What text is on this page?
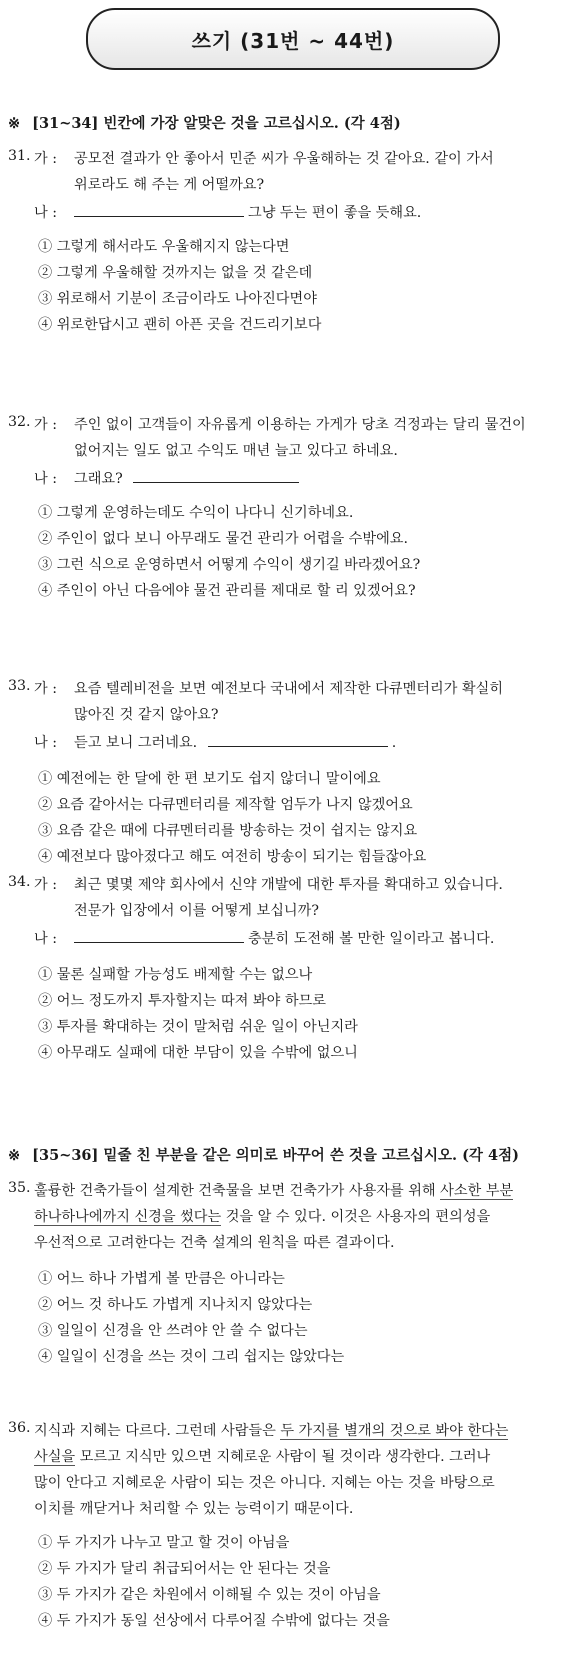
쓰기 (31번 ~ 44번)
※ [31~34] 빈칸에 가장 알맞은 것을 고르십시오. (각 4점)
31. 가 : 공모전 결과가 안 좋아서 민준 씨가 우울해하는 것 같아요. 같이 가서
위로라도 해 주는 게 어떨까요?
나 :	그냥 두는 편이 좋을 듯해요.
① 그렇게 해서라도 우울해지지 않는다면
② 그렇게 우울해할 것까지는 없을 것 같은데
③ 위로해서 기분이 조금이라도 나아진다면야
④ 위로한답시고 괜히 아픈 곳을 건드리기보다
32. 가 : 주인 없이 고객들이 자유롭게 이용하는 가게가 당초 걱정과는 달리 물건이
없어지는 일도 없고 수익도 매년 늘고 있다고 하네요.
나 : 그래요?
① 그렇게 운영하는데도 수익이 나다니 신기하네요.
② 주인이 없다 보니 아무래도 물건 관리가 어렵을 수밖에요.
③ 그런 식으로 운영하면서 어떻게 수익이 생기길 바라겠어요?
④ 주인이 아닌 다음에야 물건 관리를 제대로 할 리 있겠어요?
33. 가 : 요즘 텔레비전을 보면 예전보다 국내에서 제작한 다큐멘터리가 확실히
많아진 것 같지 않아요?
나 : 듣고 보니 그러네요.	.
① 예전에는 한 달에 한 편 보기도 쉽지 않더니 말이에요
② 요즘 같아서는 다큐멘터리를 제작할 엄두가 나지 않겠어요
③ 요즘 같은 때에 다큐멘터리를 방송하는 것이 쉽지는 않지요
④ 예전보다 많아졌다고 해도 여전히 방송이 되기는 힘들잖아요
34. 가 : 최근 몇몇 제약 회사에서 신약 개발에 대한 투자를 확대하고 있습니다.
전문가 입장에서 이를 어떻게 보십니까?
나 :	충분히 도전해 볼 만한 일이라고 봅니다.
① 물론 실패할 가능성도 배제할 수는 없으나
② 어느 정도까지 투자할지는 따져 봐야 하므로
③ 투자를 확대하는 것이 말처럼 쉬운 일이 아닌지라
④ 아무래도 실패에 대한 부담이 있을 수밖에 없으니
※ [35~36] 밑줄 친 부분을 같은 의미로 바꾸어 쓴 것을 고르십시오. (각 4점)
35. 훌륭한 건축가들이 설계한 건축물을 보면 건축가가 사용자를 위해 사소한 부분
하나하나에까지 신경을 썼다는 것을 알 수 있다. 이것은 사용자의 편의성을
우선적으로 고려한다는 건축 설계의 원칙을 따른 결과이다.
① 어느 하나 가볍게 볼 만큼은 아니라는
② 어느 것 하나도 가볍게 지나치지 않았다는
③ 일일이 신경을 안 쓰려야 안 쓸 수 없다는
④ 일일이 신경을 쓰는 것이 그리 쉽지는 않았다는
36. 지식과 지혜는 다르다. 그런데 사람들은 두 가지를 별개의 것으로 봐야 한다는
사실을 모르고 지식만 있으면 지혜로운 사람이 될 것이라 생각한다. 그러나
많이 안다고 지혜로운 사람이 되는 것은 아니다. 지혜는 아는 것을 바탕으로
이치를 깨닫거나 처리할 수 있는 능력이기 때문이다.
① 두 가지가 나누고 말고 할 것이 아님을
② 두 가지가 달리 취급되어서는 안 된다는 것을
③ 두 가지가 같은 차원에서 이해될 수 있는 것이 아님을
④ 두 가지가 동일 선상에서 다루어질 수밖에 없다는 것을
